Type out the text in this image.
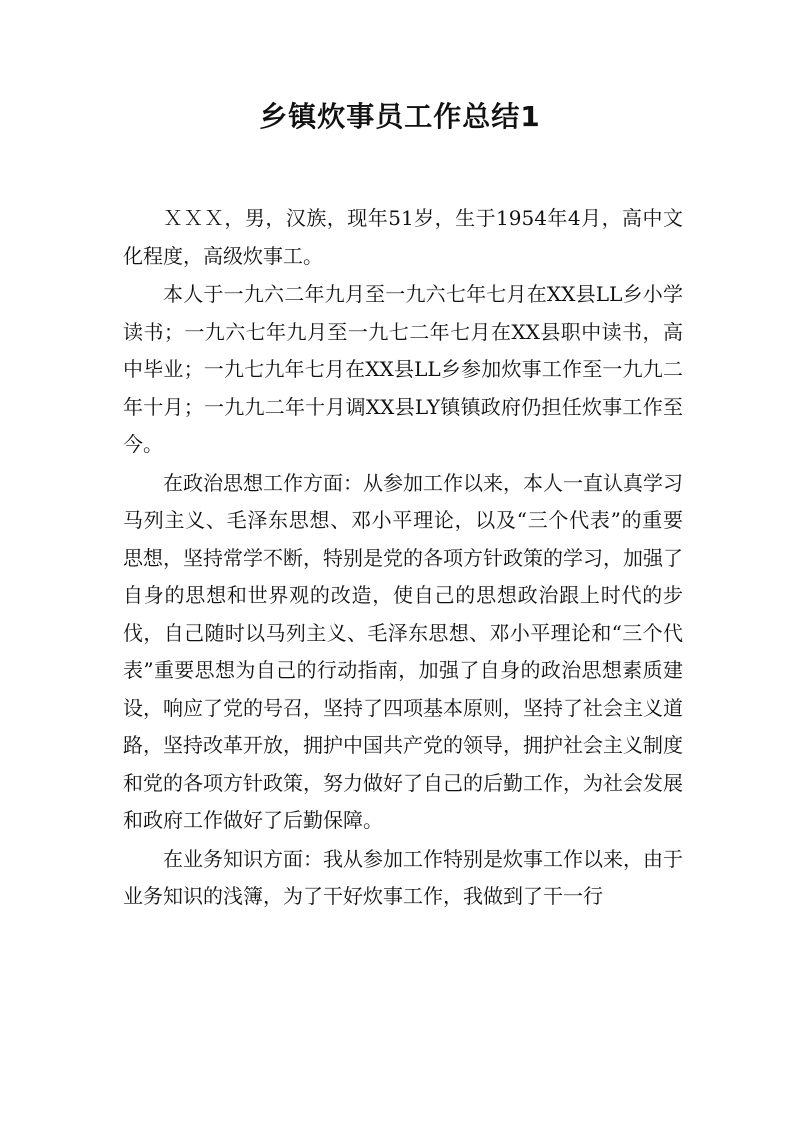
乡镇炊事员工作总结1

ＸＸＸ，男，汉族，现年51岁，生于1954年4月，高中文化程度，高级炊事工。

本人于一九六二年九月至一九六七年七月在XX县LL乡小学读书；一九六七年九月至一九七二年七月在XX县职中读书，高中毕业；一九七九年七月在XX县LL乡参加炊事工作至一九九二年十月；一九九二年十月调XX县LY镇镇政府仍担任炊事工作至今。

在政治思想工作方面：从参加工作以来，本人一直认真学习马列主义、毛泽东思想、邓小平理论，以及“三个代表”的重要思想，坚持常学不断，特别是党的各项方针政策的学习，加强了自身的思想和世界观的改造，使自己的思想政治跟上时代的步伐，自己随时以马列主义、毛泽东思想、邓小平理论和“三个代表”重要思想为自己的行动指南，加强了自身的政治思想素质建设，响应了党的号召，坚持了四项基本原则，坚持了社会主义道路，坚持改革开放，拥护中国共产党的领导，拥护社会主义制度和党的各项方针政策，努力做好了自己的后勤工作，为社会发展和政府工作做好了后勤保障。

在业务知识方面：我从参加工作特别是炊事工作以来，由于业务知识的浅簿，为了干好炊事工作，我做到了干一行
